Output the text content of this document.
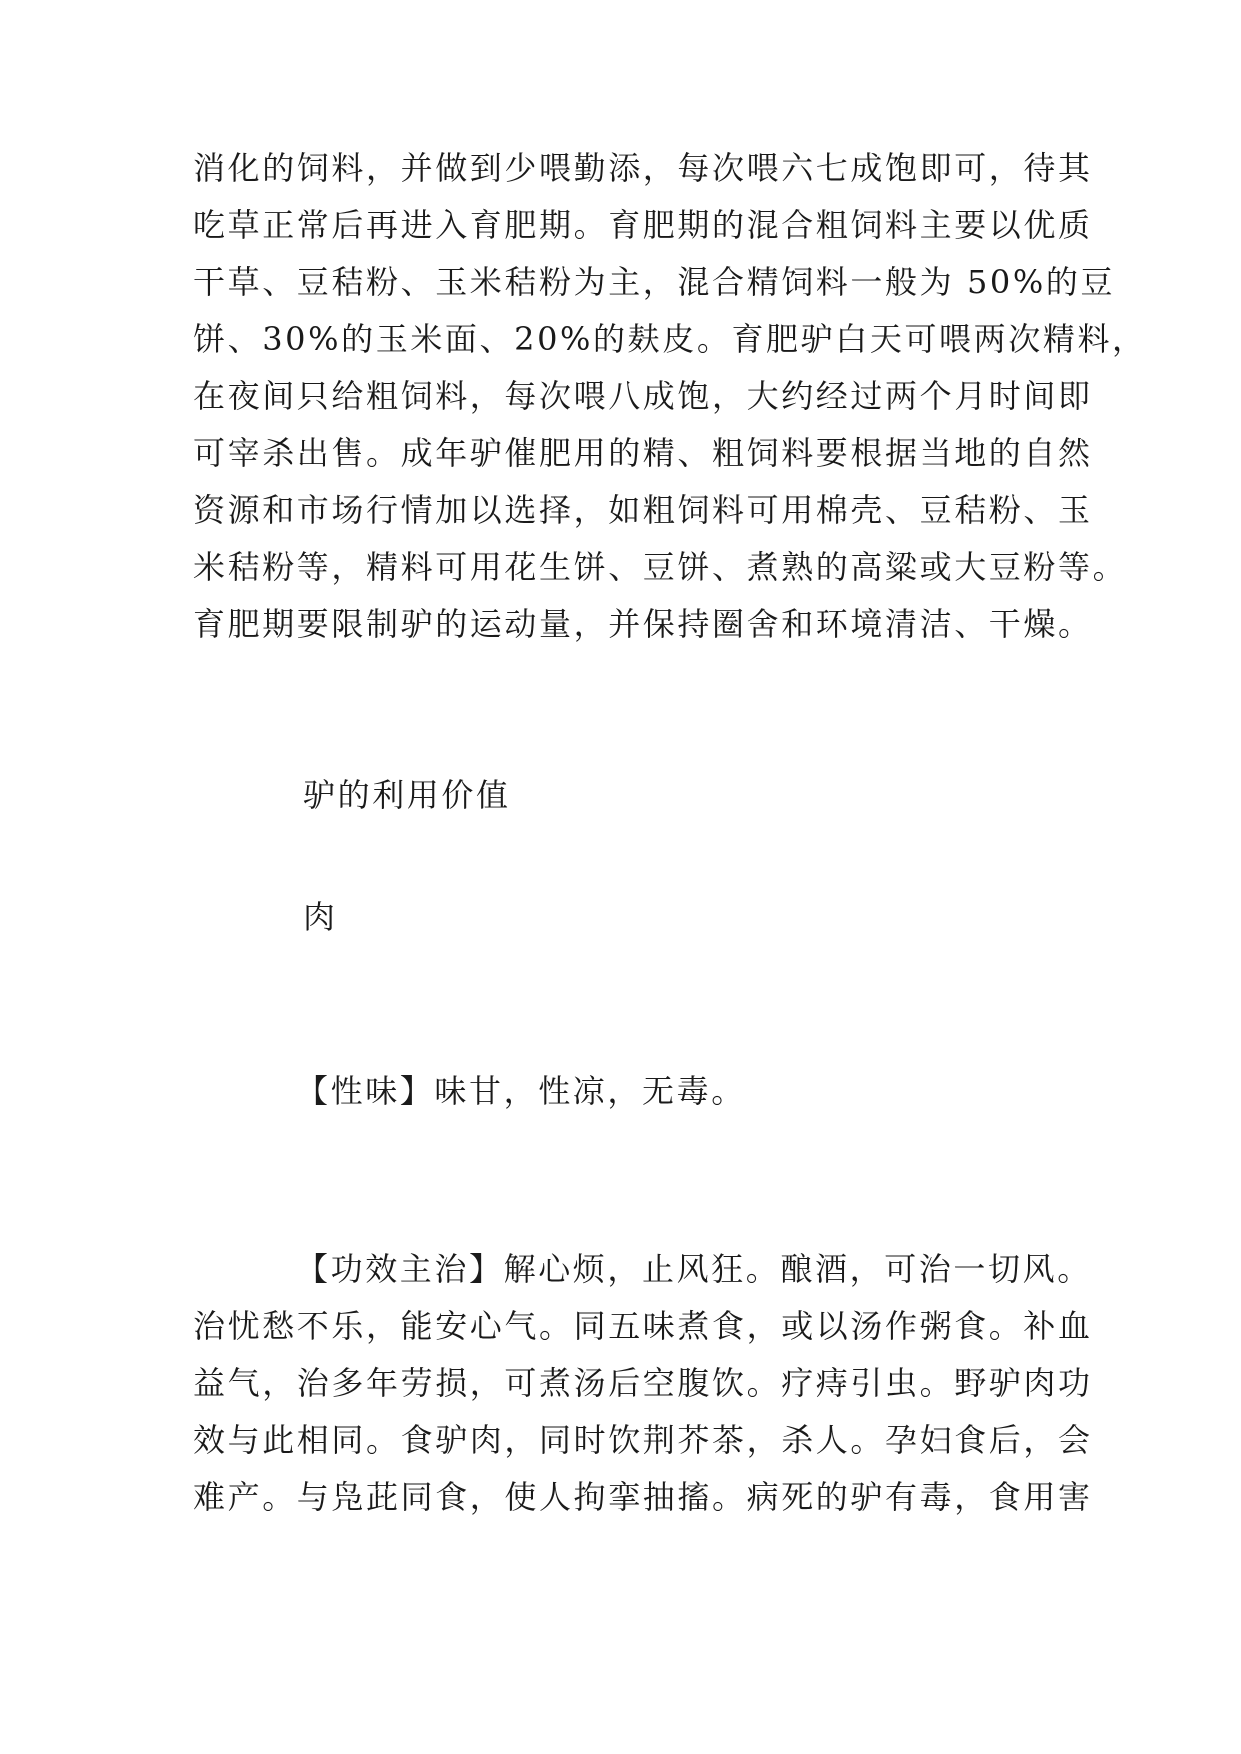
消化的饲料，并做到少喂勤添，每次喂六七成饱即可，待其
吃草正常后再进入育肥期。育肥期的混合粗饲料主要以优质
干草、豆秸粉、玉米秸粉为主，混合精饲料一般为 50%的豆
饼、30%的玉米面、20%的麸皮。育肥驴白天可喂两次精料，
在夜间只给粗饲料，每次喂八成饱，大约经过两个月时间即
可宰杀出售。成年驴催肥用的精、粗饲料要根据当地的自然
资源和市场行情加以选择，如粗饲料可用棉壳、豆秸粉、玉
米秸粉等，精料可用花生饼、豆饼、煮熟的高粱或大豆粉等。
育肥期要限制驴的运动量，并保持圈舍和环境清洁、干燥。
驴的利用价值
肉
【性味】味甘，性凉，无毒。
【功效主治】解心烦，止风狂。酿酒，可治一切风。
治忧愁不乐，能安心气。同五味煮食，或以汤作粥食。补血
益气，治多年劳损，可煮汤后空腹饮。疗痔引虫。野驴肉功
效与此相同。食驴肉，同时饮荆芥茶，杀人。孕妇食后，会
难产。与凫茈同食，使人拘挛抽搐。病死的驴有毒，食用害
